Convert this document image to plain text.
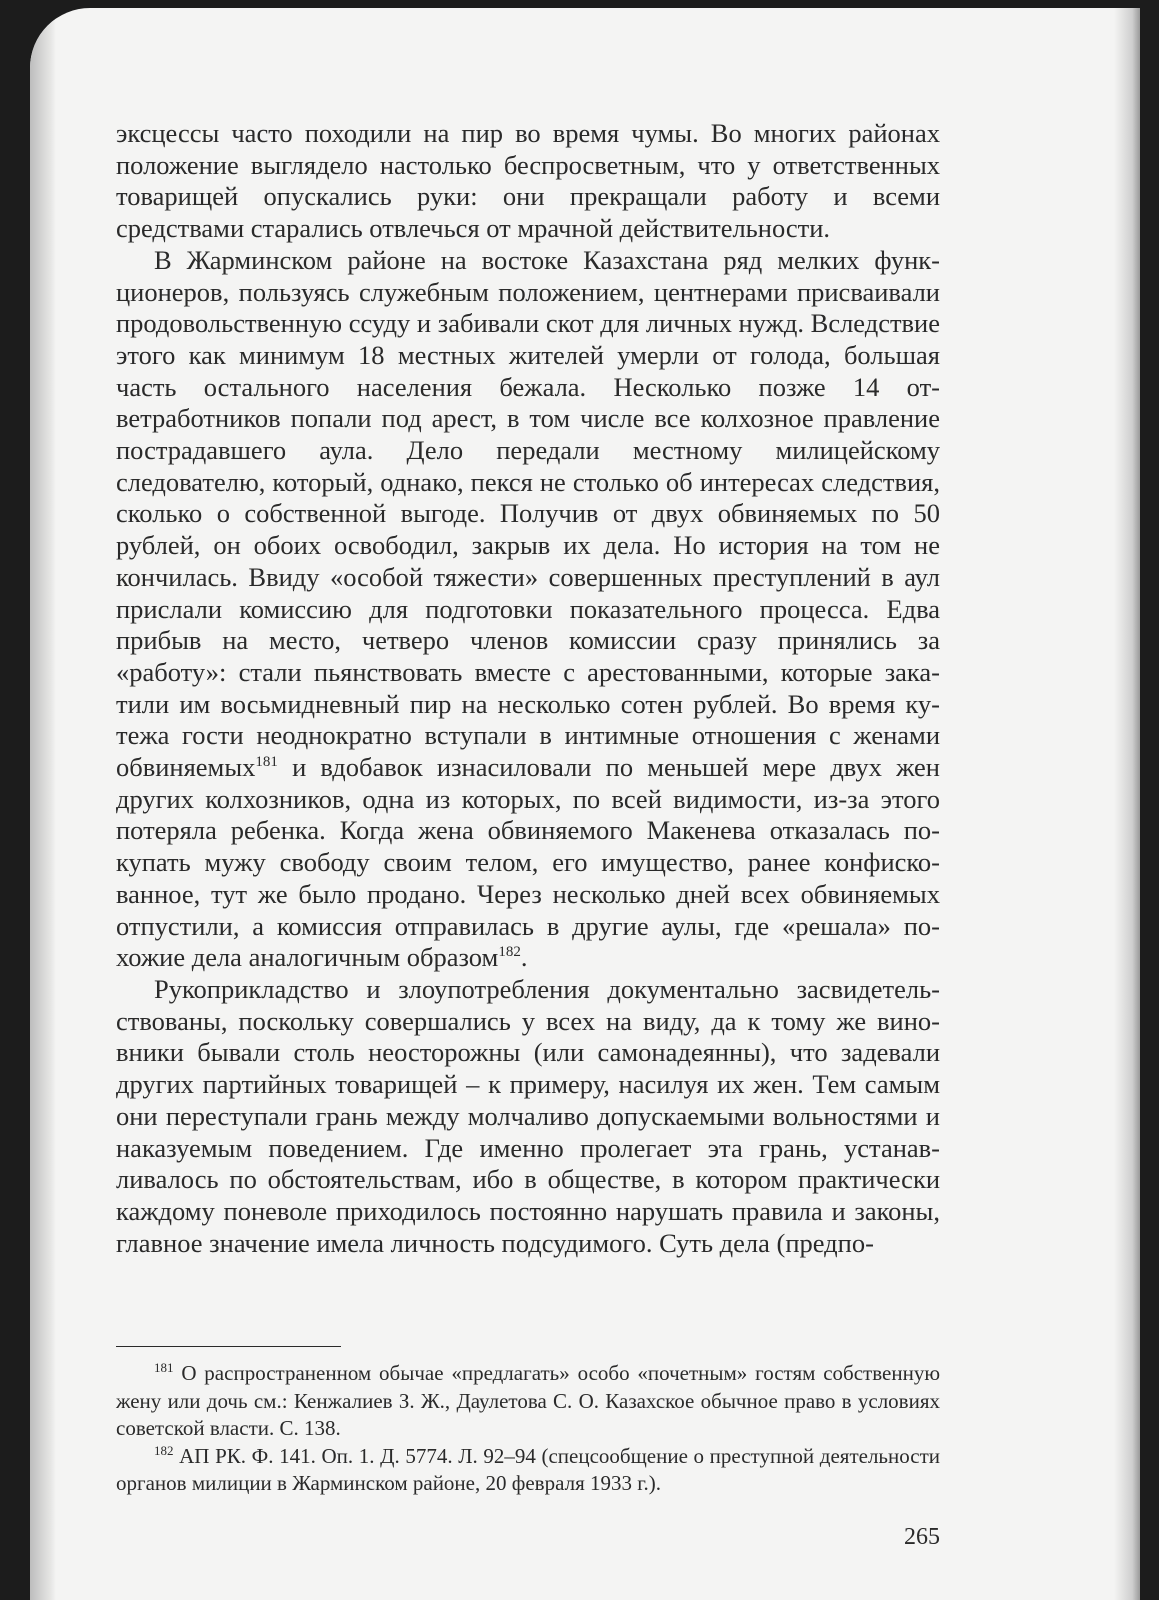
эксцессы часто походили на пир во время чумы. Во многих районах положение выглядело настолько беспросветным, что у ответственных товарищей опускались руки: они прекращали работу и всеми средствами старались отвлечься от мрачной действительности.

В Жарминском районе на востоке Казахстана ряд мелких функционеров, пользуясь служебным положением, центнерами присваивали продовольственную ссуду и забивали скот для личных нужд. Вследствие этого как минимум 18 местных жителей умерли от голода, большая часть остального населения бежала. Несколько позже 14 ответработников попали под арест, в том числе все колхозное правление пострадавшего аула. Дело передали местному милицейскому следователю, который, однако, пекся не столько об интересах следствия, сколько о собственной выгоде. Получив от двух обвиняемых по 50 рублей, он обоих освободил, закрыв их дела. Но история на том не кончилась. Ввиду «особой тяжести» совершенных преступлений в аул прислали комиссию для подготовки показательного процесса. Едва прибыв на место, четверо членов комиссии сразу принялись за «работу»: стали пьянствовать вместе с арестованными, которые закатили им восьмидневный пир на несколько сотен рублей. Во время кутежа гости неоднократно вступали в интимные отношения с женами обвиняемых$^{181}$ и вдобавок изнасиловали по меньшей мере двух жен других колхозников, одна из которых, по всей видимости, из-за этого потеряла ребенка. Когда жена обвиняемого Макенева отказалась покупать мужу свободу своим телом, его имущество, ранее конфискованное, тут же было продано. Через несколько дней всех обвиняемых отпустили, а комиссия отправилась в другие аулы, где «решала» похожие дела аналогичным образом$^{182}$.

Рукоприкладство и злоупотребления документально засвидетельствованы, поскольку совершались у всех на виду, да к тому же виновники бывали столь неосторожны (или самонадеянны), что задевали других партийных товарищей – к примеру, насилуя их жен. Тем самым они переступали грань между молчаливо допускаемыми вольностями и наказуемым поведением. Где именно пролегает эта грань, устанавливалось по обстоятельствам, ибо в обществе, в котором практически каждому поневоле приходилось постоянно нарушать правила и законы, главное значение имела личность подсудимого. Суть дела (предпо-

$^{181}$ О распространенном обычае «предлагать» особо «почетным» гостям собственную жену или дочь см.: Кенжалиев З. Ж., Даулетова С. О. Казахское обычное право в условиях советской власти. С. 138.

$^{182}$ АП РК. Ф. 141. Оп. 1. Д. 5774. Л. 92–94 (спецсообщение о преступной деятельности органов милиции в Жарминском районе, 20 февраля 1933 г.).

265
